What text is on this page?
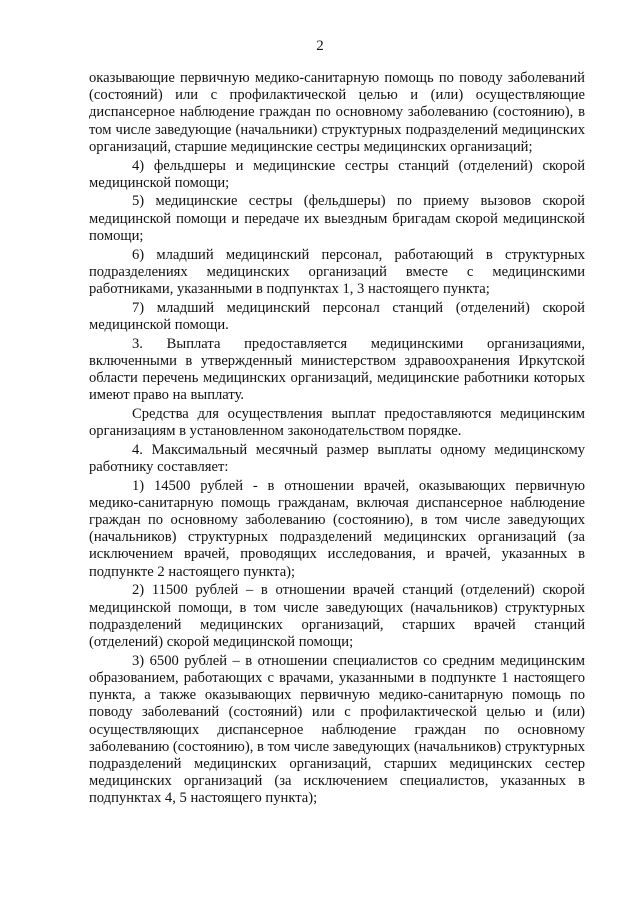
2

оказывающие первичную медико-санитарную помощь по поводу заболеваний (состояний) или с профилактической целью и (или) осуществляющие диспансерное наблюдение граждан по основному заболеванию (состоянию), в том числе заведующие (начальники) структурных подразделений медицинских организаций, старшие медицинские сестры медицинских организаций;

4) фельдшеры и медицинские сестры станций (отделений) скорой медицинской помощи;

5) медицинские сестры (фельдшеры) по приему вызовов скорой медицинской помощи и передаче их выездным бригадам скорой медицинской помощи;

6) младший медицинский персонал, работающий в структурных подразделениях медицинских организаций вместе с медицинскими работниками, указанными в подпунктах 1, 3 настоящего пункта;

7) младший медицинский персонал станций (отделений) скорой медицинской помощи.

3. Выплата предоставляется медицинскими организациями, включенными в утвержденный министерством здравоохранения Иркутской области перечень медицинских организаций, медицинские работники которых имеют право на выплату.

Средства для осуществления выплат предоставляются медицинским организациям в установленном законодательством порядке.

4. Максимальный месячный размер выплаты одному медицинскому работнику составляет:

1) 14500 рублей - в отношении врачей, оказывающих первичную медико-санитарную помощь гражданам, включая диспансерное наблюдение граждан по основному заболеванию (состоянию), в том числе заведующих (начальников) структурных подразделений медицинских организаций (за исключением врачей, проводящих исследования, и врачей, указанных в подпункте 2 настоящего пункта);

2) 11500 рублей – в отношении врачей станций (отделений) скорой медицинской помощи, в том числе заведующих (начальников) структурных подразделений медицинских организаций, старших врачей станций (отделений) скорой медицинской помощи;

3) 6500 рублей – в отношении специалистов со средним медицинским образованием, работающих с врачами, указанными в подпункте 1 настоящего пункта, а также оказывающих первичную медико-санитарную помощь по поводу заболеваний (состояний) или с профилактической целью и (или) осуществляющих диспансерное наблюдение граждан по основному заболеванию (состоянию), в том числе заведующих (начальников) структурных подразделений медицинских организаций, старших медицинских сестер медицинских организаций (за исключением специалистов, указанных в подпунктах 4, 5 настоящего пункта);
